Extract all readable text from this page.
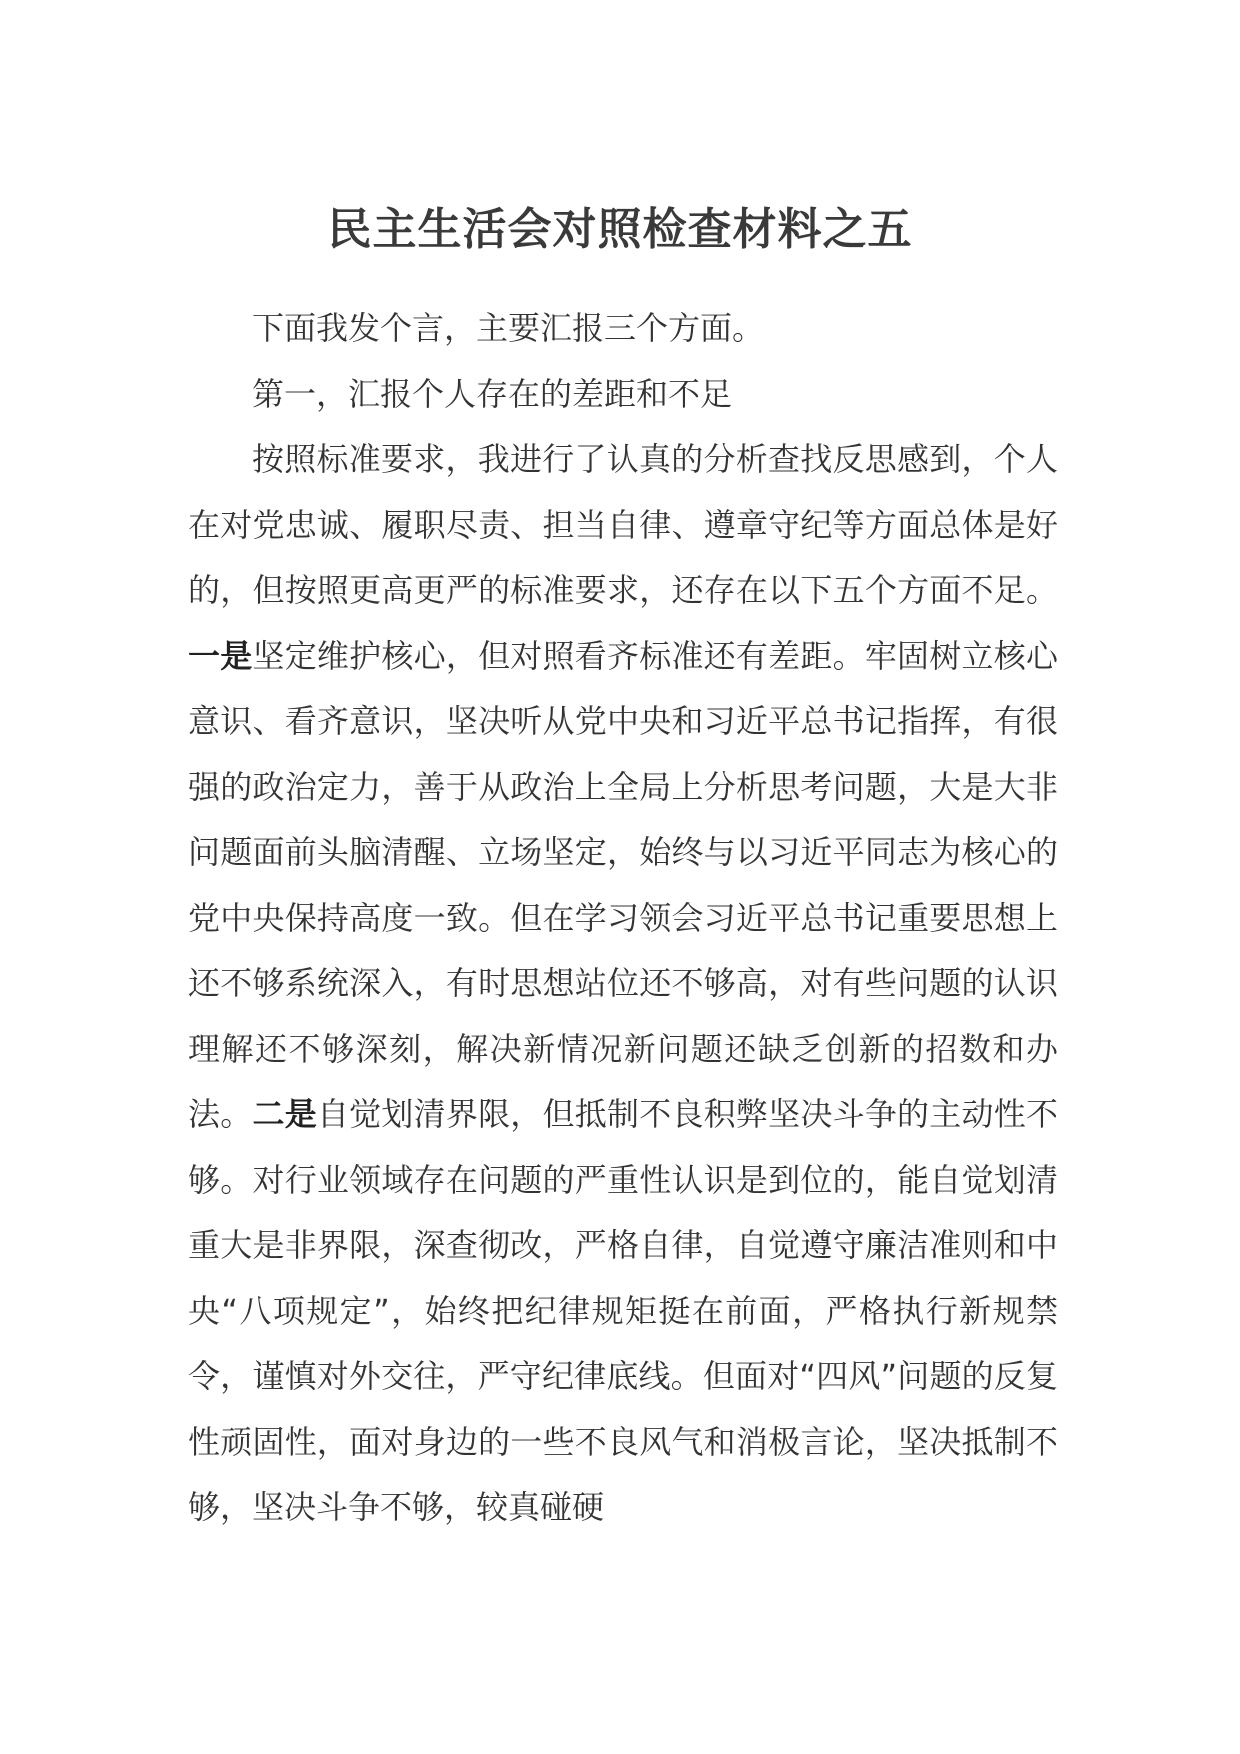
民主生活会对照检查材料之五

下面我发个言，主要汇报三个方面。

第一，汇报个人存在的差距和不足

按照标准要求，我进行了认真的分析查找反思感到，个人在对党忠诚、履职尽责、担当自律、遵章守纪等方面总体是好的，但按照更高更严的标准要求，还存在以下五个方面不足。一是坚定维护核心，但对照看齐标准还有差距。牢固树立核心意识、看齐意识，坚决听从党中央和习近平总书记指挥，有很强的政治定力，善于从政治上全局上分析思考问题，大是大非问题面前头脑清醒、立场坚定，始终与以习近平同志为核心的党中央保持高度一致。但在学习领会习近平总书记重要思想上还不够系统深入，有时思想站位还不够高，对有些问题的认识理解还不够深刻，解决新情况新问题还缺乏创新的招数和办法。二是自觉划清界限，但抵制不良积弊坚决斗争的主动性不够。对行业领域存在问题的严重性认识是到位的，能自觉划清重大是非界限，深查彻改，严格自律，自觉遵守廉洁准则和中央“八项规定”，始终把纪律规矩挺在前面，严格执行新规禁令，谨慎对外交往，严守纪律底线。但面对“四风”问题的反复性顽固性，面对身边的一些不良风气和消极言论，坚决抵制不够，坚决斗争不够，较真碰硬
